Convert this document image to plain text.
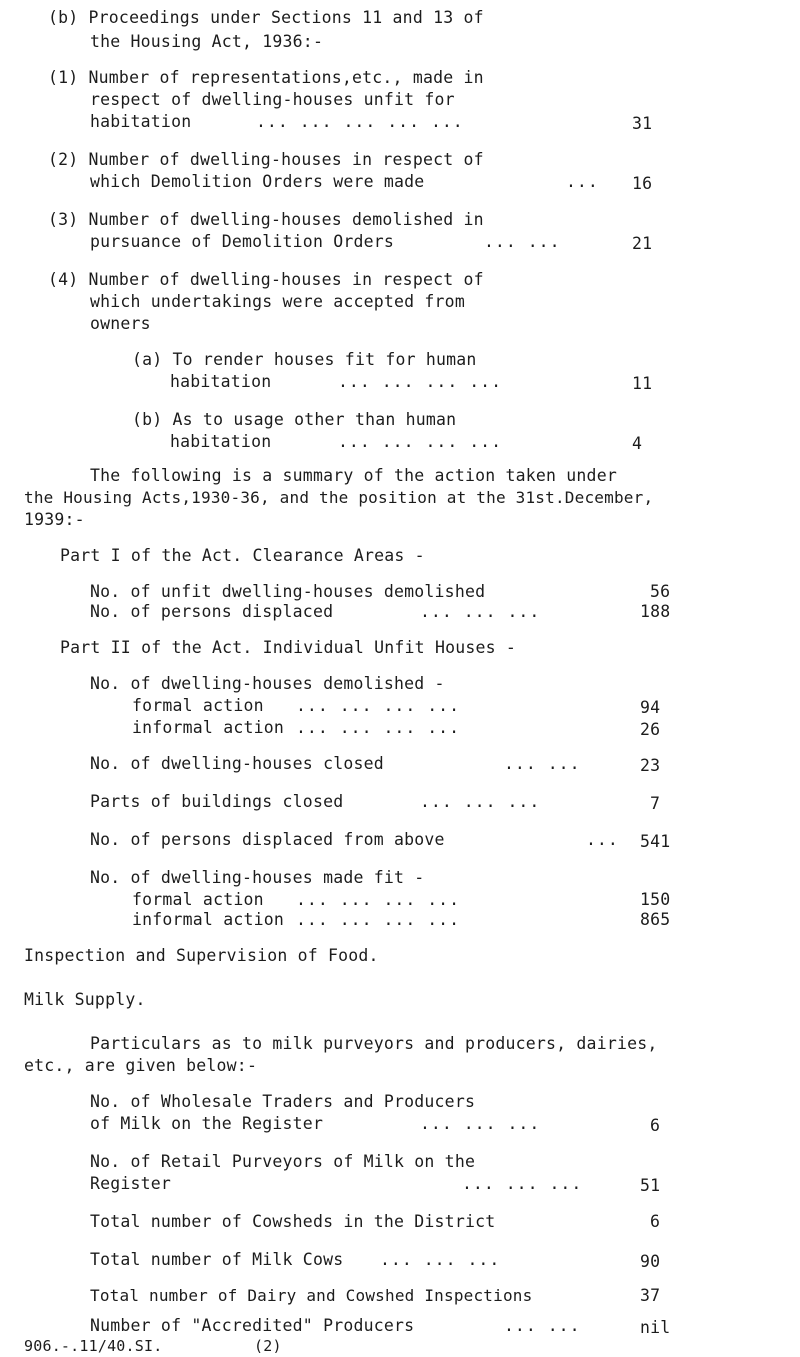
(b) Proceedings under Sections 11 and 13 of
the Housing Act, 1936:-
(1) Number of representations,etc., made in
respect of dwelling-houses unfit for
habitation	... ... ... ... ...	31
(2) Number of dwelling-houses in respect of
which Demolition Orders were made	... 16
(3) Number of dwelling-houses demolished in
pursuance of Demolition Orders	... ...	21
(4) Number of dwelling-houses in respect of
which undertakings were accepted from
owners
(a) To render houses fit for human
habitation	... ... ... ...	11
(b) As to usage other than human
habitation	... ... ... ...	4
The following is a summary of the action taken under
the Housing Acts,1930-36, and the position at the 31st.December,
1939:-
Part I of the Act. Clearance Areas -
No. of unfit dwelling-houses demolished	56
No. of persons displaced	... ... ...	188
Part II of the Act. Individual Unfit Houses -
No. of dwelling-houses demolished -
formal action ... ... ... ...	94
informal action ... ... ... ...	26
No. of dwelling-houses closed	... ...	23
Parts of buildings closed	... ... ...	7
No. of persons displaced from above	... 541
No. of dwelling-houses made fit -
formal action ... ... ... ...	150
informal action ... ... ... ...	865
Inspection and Supervision of Food.
Milk Supply.
Particulars as to milk purveyors and producers, dairies,
etc., are given below:-
No. of Wholesale Traders and Producers
of Milk on the Register	... ... ...	6
No. of Retail Purveyors of Milk on the
Register	... ... ...	51
Total number of Cowsheds in the District	6
Total number of Milk Cows ... ... ...	90
Total number of Dairy and Cowshed Inspections	37
Number of "Accredited" Producers	... ...	nil
906.-.11/40.SI.	(2)
